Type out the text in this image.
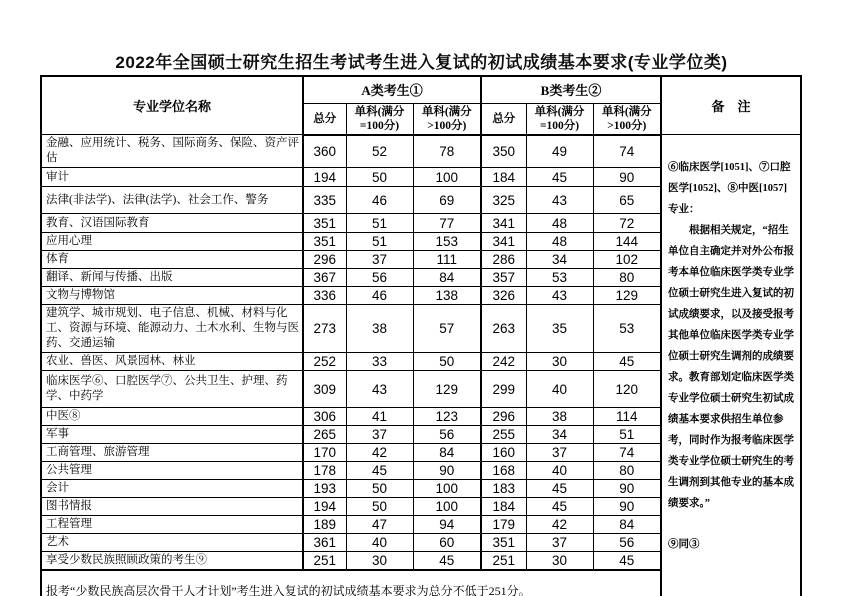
2022年全国硕士研究生招生考试考生进入复试的初试成绩基本要求(专业学位类)
专业学位名称	A类考生①			B类考生②			备　注
	总分	单科(满分=100分)	单科(满分>100分)	总分	单科(满分=100分)	单科(满分>100分)	
金融、应用统计、税务、国际商务、保险、资产评估	360	52	78	350	49	74	⑥临床医学[1051]、⑦口腔医学[1052]、⑧中医[1057]专业：
根据相关规定，“招生单位自主确定并对外公布报考本单位临床医学类专业学位硕士研究生进入复试的初试成绩要求，以及接受报考其他单位临床医学类专业学位硕士研究生调剂的成绩要求。教育部划定临床医学类专业学位硕士研究生初试成绩基本要求供招生单位参考，同时作为报考临床医学类专业学位硕士研究生的考生调剂到其他专业的基本成绩要求。”
⑨同③

审计	194	50	100	184	45	90	
法律(非法学)、法律(法学)、社会工作、警务	335	46	69	325	43	65	
教育、汉语国际教育	351	51	77	341	48	72	
应用心理	351	51	153	341	48	144	
体育	296	37	111	286	34	102	
翻译、新闻与传播、出版	367	56	84	357	53	80	
文物与博物馆	336	46	138	326	43	129	
建筑学、城市规划、电子信息、机械、材料与化工、资源与环境、能源动力、土木水利、生物与医药、交通运输	273	38	57	263	35	53	
农业、兽医、风景园林、林业	252	33	50	242	30	45	
临床医学⑥、口腔医学⑦、公共卫生、护理、药学、中药学	309	43	129	299	40	120	
中医⑧	306	41	123	296	38	114	
军事	265	37	56	255	34	51	
工商管理、旅游管理	170	42	84	160	37	74	
公共管理	178	45	90	168	40	80	
会计	193	50	100	183	45	90	
图书情报	194	50	100	184	45	90	
工程管理	189	47	94	179	42	84	
艺术	361	40	60	351	37	56	
享受少数民族照顾政策的考生⑨	251	30	45	251	30	45	
报考“少数民族高层次骨干人才计划”考生进入复试的初试成绩基本要求为总分不低于251分。							
